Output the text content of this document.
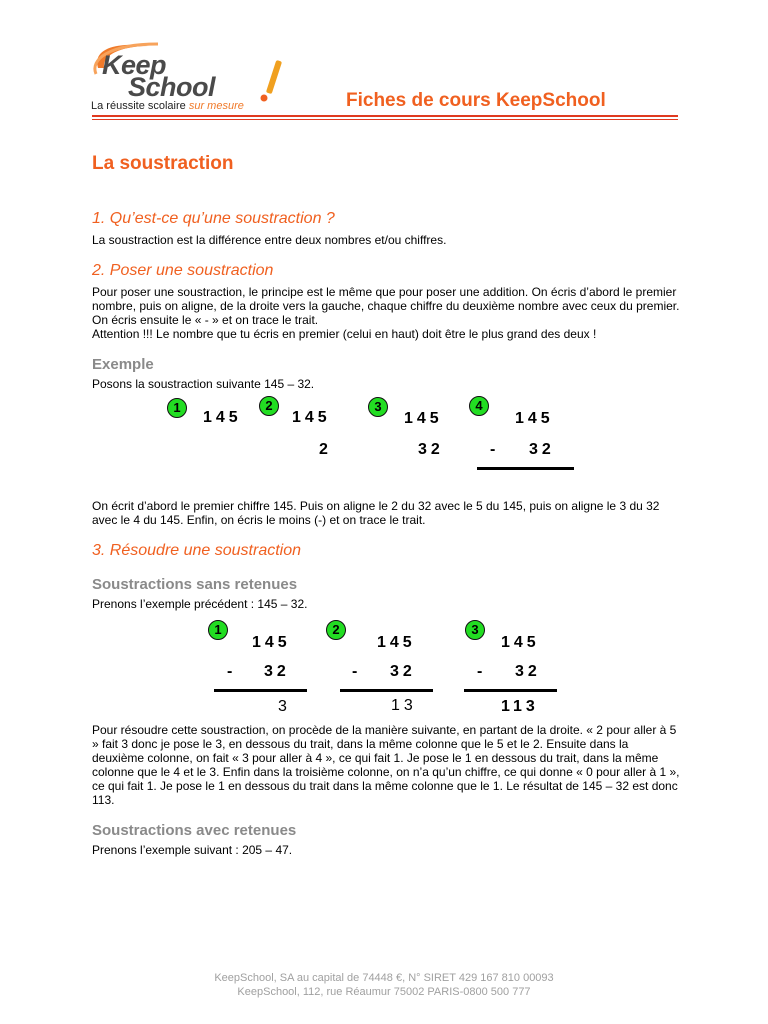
Keep
School
La réussite scolaire sur mesure	Fiches de cours KeepSchool
La soustraction
1. Qu’est-ce qu’une soustraction ?
La soustraction est la différence entre deux nombres et/ou chiffres.
2. Poser une soustraction
Pour poser une soustraction, le principe est le même que pour poser une addition. On écris d’abord le premier nombre, puis on aligne, de la droite vers la gauche, chaque chiffre du deuxième nombre avec ceux du premier. On écris ensuite le « - » et on trace le trait.
Attention !!! Le nombre que tu écris en premier (celui en haut) doit être le plus grand des deux !
Exemple
Posons la soustraction suivante 145 – 32.
1
145
2
145
2
3
145
32
4
145
- 32
On écrit d’abord le premier chiffre 145. Puis on aligne le 2 du 32 avec le 5 du 145, puis on aligne le 3 du 32 avec le 4 du 145. Enfin, on écris le moins (-) et on trace le trait.
3. Résoudre une soustraction
Soustractions sans retenues
Prenons l’exemple précédent : 145 – 32.
1
145
- 32
3
2
145
- 32
13
3
145
- 32
113
Pour résoudre cette soustraction, on procède de la manière suivante, en partant de la droite. « 2 pour aller à 5 » fait 3 donc je pose le 3, en dessous du trait, dans la même colonne que le 5 et le 2. Ensuite dans la deuxième colonne, on fait « 3 pour aller à 4 », ce qui fait 1. Je pose le 1 en dessous du trait, dans la même colonne que le 4 et le 3. Enfin dans la troisième colonne, on n’a qu’un chiffre, ce qui donne « 0 pour aller à 1 », ce qui fait 1. Je pose le 1 en dessous du trait dans la même colonne que le 1. Le résultat de 145 – 32 est donc 113.
Soustractions avec retenues
Prenons l’exemple suivant : 205 – 47.
KeepSchool, SA au capital de 74448 €, N° SIRET 429 167 810 00093
KeepSchool, 112, rue Réaumur 75002 PARIS-0800 500 777
